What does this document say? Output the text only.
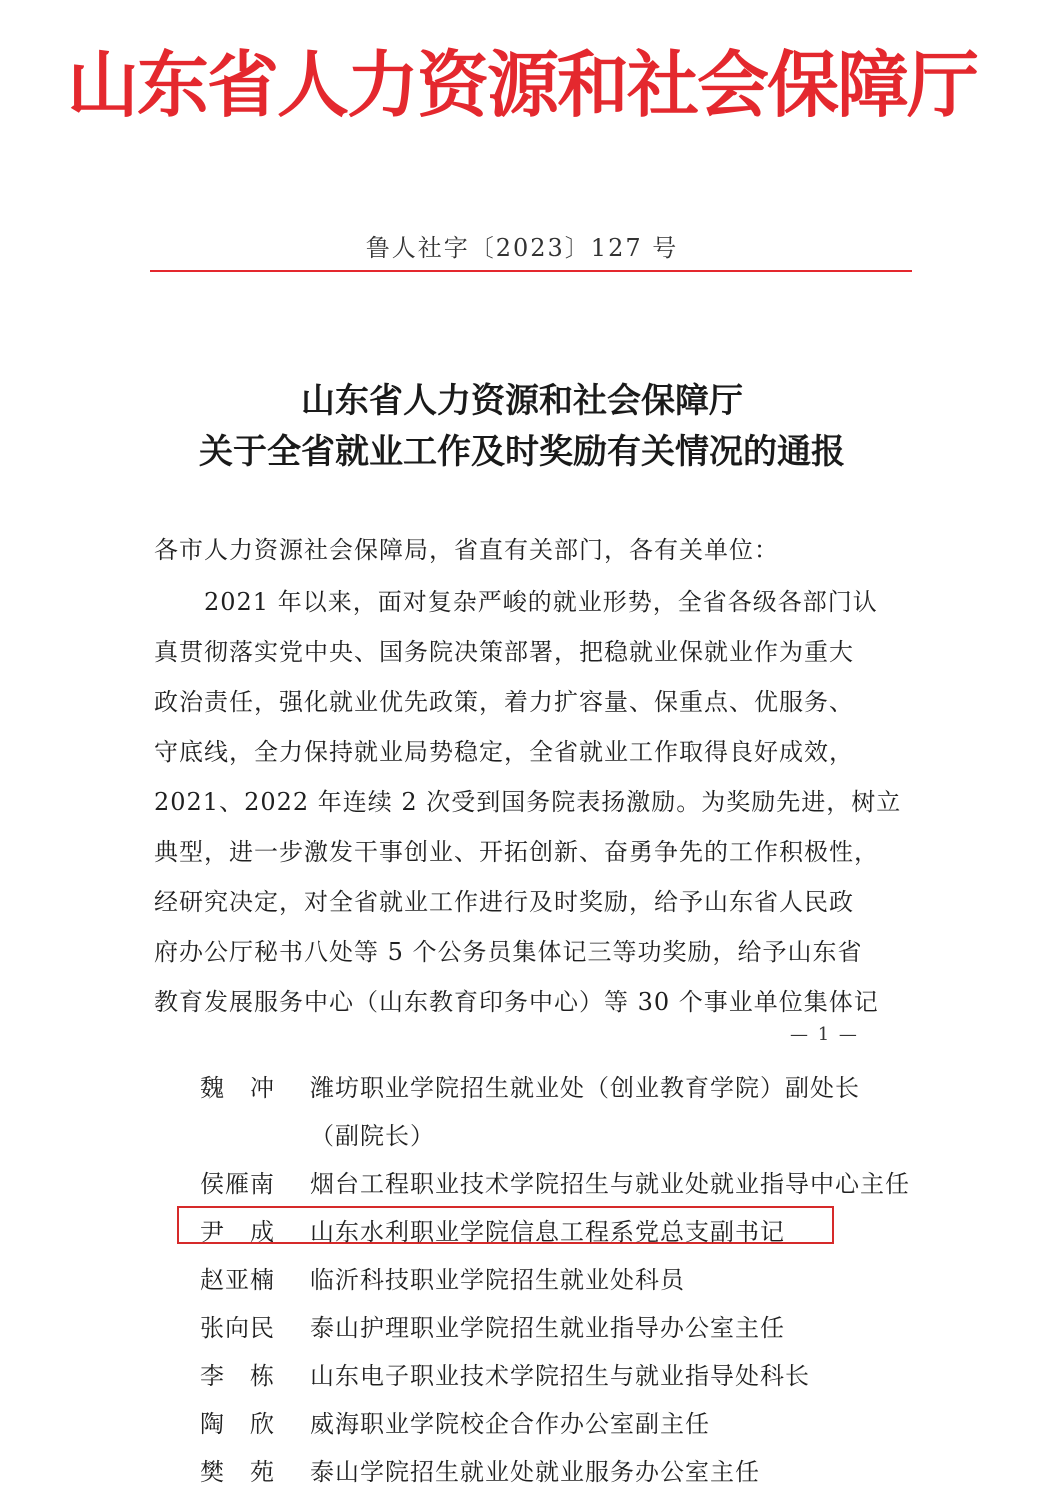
山东省人力资源和社会保障厅
鲁人社字〔2023〕127 号
山东省人力资源和社会保障厅
关于全省就业工作及时奖励有关情况的通报
各市人力资源社会保障局，省直有关部门，各有关单位：
　　2021 年以来，面对复杂严峻的就业形势，全省各级各部门认
真贯彻落实党中央、国务院决策部署，把稳就业保就业作为重大
政治责任，强化就业优先政策，着力扩容量、保重点、优服务、
守底线，全力保持就业局势稳定，全省就业工作取得良好成效，
2021、2022 年连续 2 次受到国务院表扬激励。为奖励先进，树立
典型，进一步激发干事创业、开拓创新、奋勇争先的工作积极性，
经研究决定，对全省就业工作进行及时奖励，给予山东省人民政
府办公厅秘书八处等 5 个公务员集体记三等功奖励，给予山东省
教育发展服务中心（山东教育印务中心）等 30 个事业单位集体记
— 1 —
魏　冲 潍坊职业学院招生就业处（创业教育学院）副处长
（副院长）
侯雁南 烟台工程职业技术学院招生与就业处就业指导中心主任
尹　成 山东水利职业学院信息工程系党总支副书记
赵亚楠 临沂科技职业学院招生就业处科员
张向民 泰山护理职业学院招生就业指导办公室主任
李　栋 山东电子职业技术学院招生与就业指导处科长
陶　欣 威海职业学院校企合作办公室副主任
樊　苑 泰山学院招生就业处就业服务办公室主任
